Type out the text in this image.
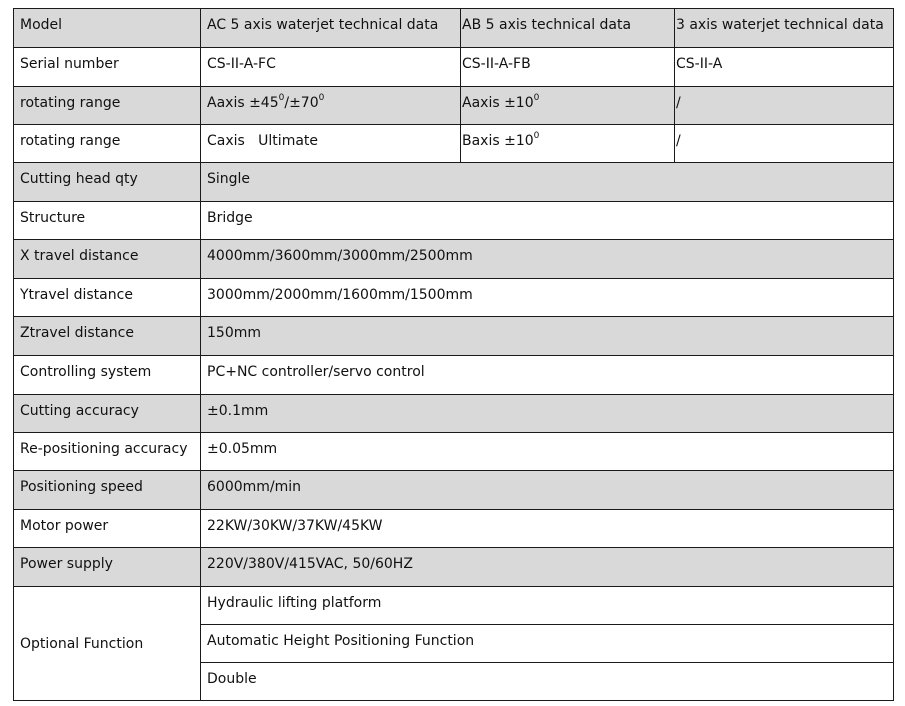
Model	AC 5 axis waterjet technical data	AB 5 axis technical data	3 axis waterjet technical data
Serial number	CS-II-A-FC	CS-II-A-FB	CS-II-A
rotating range	Aaxis $\pm 45^0/\pm 70^0$	Aaxis $\pm 10^0$	/
rotating range	Caxis   Ultimate	Baxis $\pm 10^0$	/
Cutting head qty	Single		
Structure	Bridge		
X travel distance	4000mm/3600mm/3000mm/2500mm		
Ytravel distance	3000mm/2000mm/1600mm/1500mm		
Ztravel distance	150mm		
Controlling system	PC+NC controller/servo control		
Cutting accuracy	±0.1mm		
Re-positioning accuracy	±0.05mm		
Positioning speed	6000mm/min		
Motor power	22KW/30KW/37KW/45KW		
Power supply	220V/380V/415VAC, 50/60HZ		
Optional Function	Hydraulic lifting platform		
	Automatic Height Positioning Function		
	Double		
